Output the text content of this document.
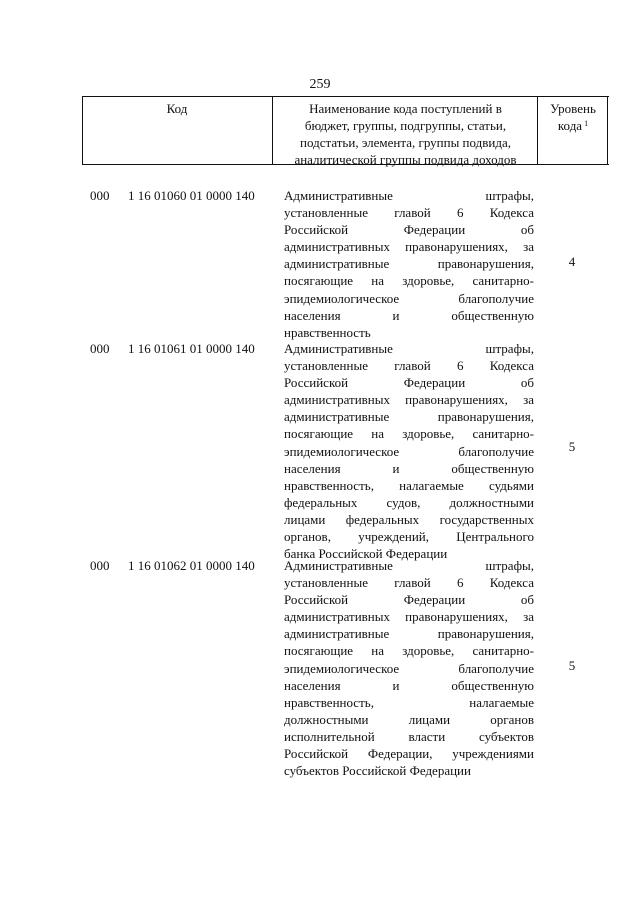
259
Код	Наименование кода поступлений в
бюджет, группы, подгруппы, статьи,
подстатьи, элемента, группы подвида,
аналитической группы подвида доходов
Уровень
кода $^1$
000 1 16 01060 01 0000 140 Административные штрафы,
установленные главой 6 Кодекса
Российской Федерации об
административных правонарушениях, за
административные правонарушения,
посягающие на здоровье, санитарно-
эпидемиологическое благополучие
населения и общественную
нравственность
4
000 1 16 01061 01 0000 140 Административные штрафы,
установленные главой 6 Кодекса
Российской Федерации об
административных правонарушениях, за
административные правонарушения,
посягающие на здоровье, санитарно-
эпидемиологическое благополучие
населения и общественную
нравственность, налагаемые судьями
федеральных судов, должностными
лицами федеральных государственных
органов, учреждений, Центрального
банка Российской Федерации
5
000 1 16 01062 01 0000 140 Административные штрафы,
установленные главой 6 Кодекса
Российской Федерации об
административных правонарушениях, за
административные правонарушения,
посягающие на здоровье, санитарно-
эпидемиологическое благополучие
населения и общественную
нравственность, налагаемые
должностными лицами органов
исполнительной власти субъектов
Российской Федерации, учреждениями
субъектов Российской Федерации
5
